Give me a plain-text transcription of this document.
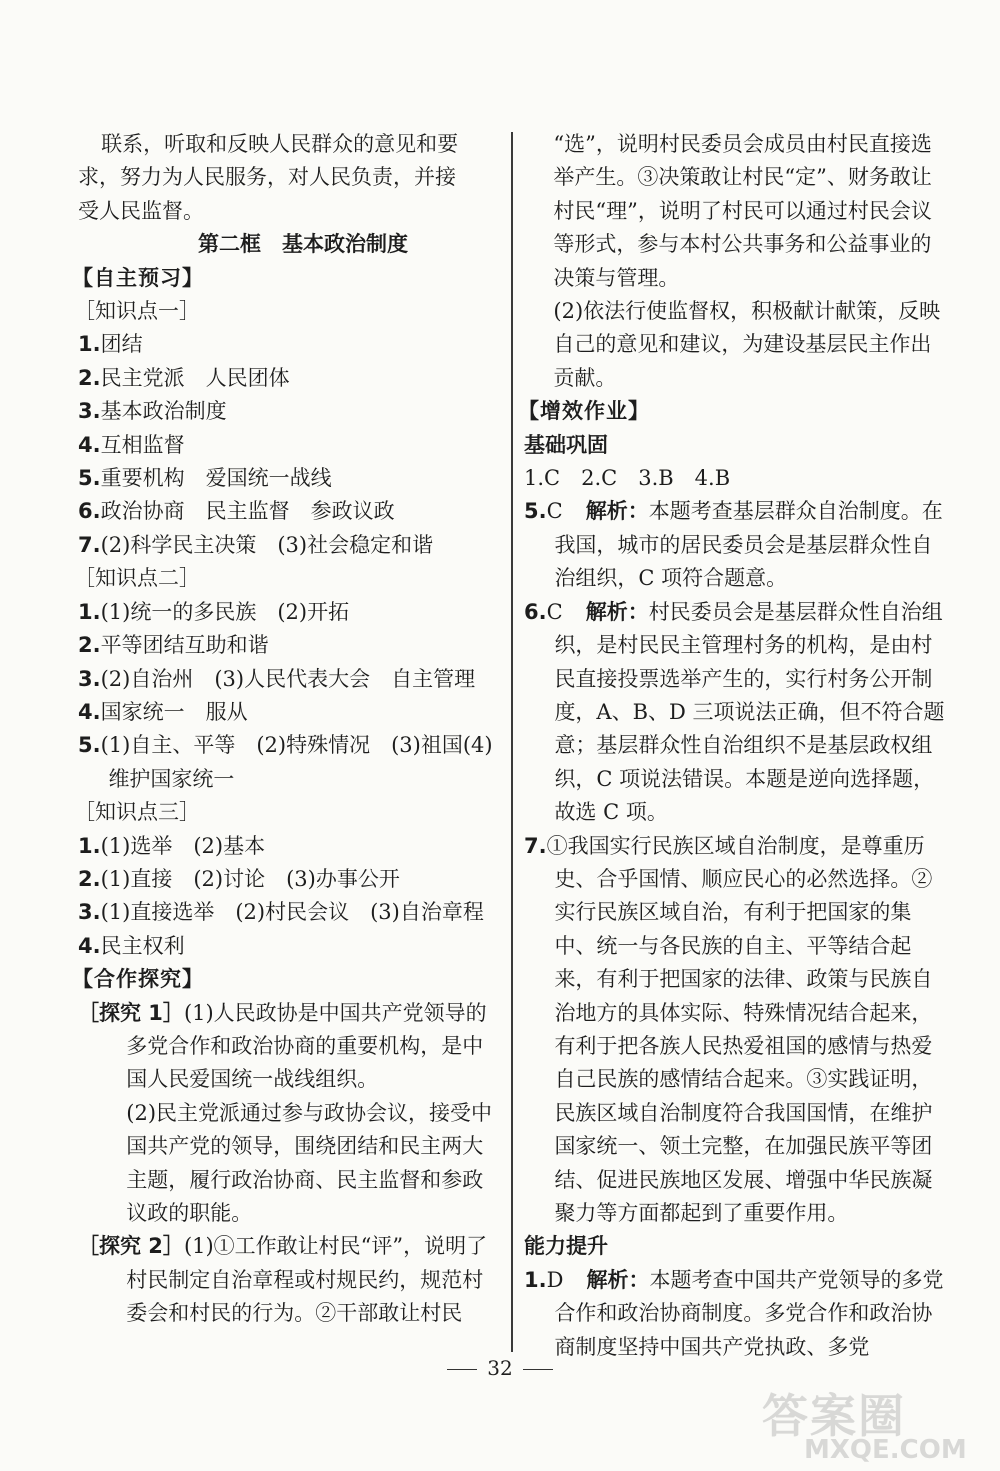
联系，听取和反映人民群众的意见和要

求，努力为人民服务，对人民负责，并接

受人民监督。

第二框　基本政治制度

【自主预习】

［知识点一］

1.团结

2.民主党派　人民团体

3.基本政治制度

4.互相监督

5.重要机构　爱国统一战线

6.政治协商　民主监督　参政议政

7.(2)科学民主决策　(3)社会稳定和谐

［知识点二］

1.(1)统一的多民族　(2)开拓

2.平等团结互助和谐

3.(2)自治州　(3)人民代表大会　自主管理

4.国家统一　服从

5.(1)自主、平等　(2)特殊情况　(3)祖国(4)维护国家统一

［知识点三］

1.(1)选举　(2)基本

2.(1)直接　(2)讨论　(3)办事公开

3.(1)直接选举　(2)村民会议　(3)自治章程

4.民主权利

【合作探究】

［探究 1］(1)人民政协是中国共产党领导的多党合作和政治协商的重要机构，是中国人民爱国统一战线组织。

(2)民主党派通过参与政协会议，接受中国共产党的领导，围绕团结和民主两大主题，履行政治协商、民主监督和参政议政的职能。

［探究 2］(1)①工作敢让村民“评”，说明了村民制定自治章程或村规民约，规范村委会和村民的行为。②干部敢让村民

“选”，说明村民委员会成员由村民直接选举产生。③决策敢让村民“定”、财务敢让村民“理”，说明了村民可以通过村民会议等形式，参与本村公共事务和公益事业的决策与管理。

(2)依法行使监督权，积极献计献策，反映自己的意见和建议，为建设基层民主作出贡献。

【增效作业】

基础巩固

1.C　2.C　3.B　4.B

5.C 解析：本题考查基层群众自治制度。在我国，城市的居民委员会是基层群众性自治组织，C 项符合题意。

6.C 解析：村民委员会是基层群众性自治组织，是村民民主管理村务的机构，是由村民直接投票选举产生的，实行村务公开制度，A、B、D 三项说法正确，但不符合题意；基层群众性自治组织不是基层政权组织，C 项说法错误。本题是逆向选择题，故选 C 项。

7.①我国实行民族区域自治制度，是尊重历史、合乎国情、顺应民心的必然选择。②实行民族区域自治，有利于把国家的集中、统一与各民族的自主、平等结合起来，有利于把国家的法律、政策与民族自治地方的具体实际、特殊情况结合起来，有利于把各族人民热爱祖国的感情与热爱自己民族的感情结合起来。③实践证明，民族区域自治制度符合我国国情，在维护国家统一、领土完整，在加强民族平等团结、促进民族地区发展、增强中华民族凝聚力等方面都起到了重要作用。

能力提升

1.D 解析：本题考查中国共产党领导的多党合作和政治协商制度。多党合作和政治协商制度坚持中国共产党执政、多党

32
答案圈
MXQE.COM
